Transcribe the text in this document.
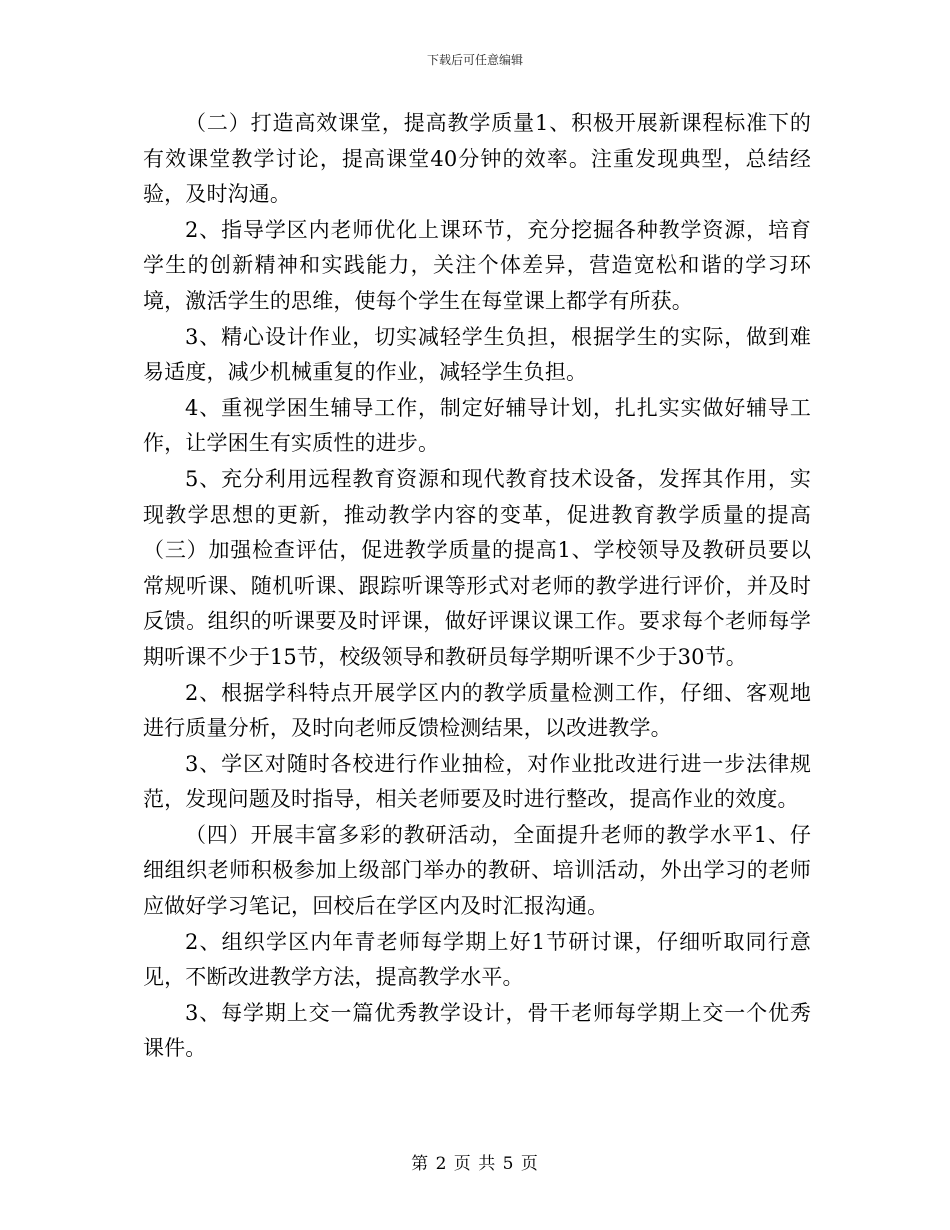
下载后可任意编辑

（二）打造高效课堂，提高教学质量1、积极开展新课程标准下的有效课堂教学讨论，提高课堂40分钟的效率。注重发现典型，总结经验，及时沟通。

2、指导学区内老师优化上课环节，充分挖掘各种教学资源，培育学生的创新精神和实践能力，关注个体差异，营造宽松和谐的学习环境，激活学生的思维，使每个学生在每堂课上都学有所获。

3、精心设计作业，切实减轻学生负担，根据学生的实际，做到难易适度，减少机械重复的作业，减轻学生负担。

4、重视学困生辅导工作，制定好辅导计划，扎扎实实做好辅导工作，让学困生有实质性的进步。

5、充分利用远程教育资源和现代教育技术设备，发挥其作用，实现教学思想的更新，推动教学内容的变革，促进教育教学质量的提高（三）加强检查评估，促进教学质量的提高1、学校领导及教研员要以常规听课、随机听课、跟踪听课等形式对老师的教学进行评价，并及时反馈。组织的听课要及时评课，做好评课议课工作。要求每个老师每学期听课不少于15节，校级领导和教研员每学期听课不少于30节。

2、根据学科特点开展学区内的教学质量检测工作，仔细、客观地进行质量分析，及时向老师反馈检测结果，以改进教学。

3、学区对随时各校进行作业抽检，对作业批改进行进一步法律规范，发现问题及时指导，相关老师要及时进行整改，提高作业的效度。

（四）开展丰富多彩的教研活动，全面提升老师的教学水平1、仔细组织老师积极参加上级部门举办的教研、培训活动，外出学习的老师应做好学习笔记，回校后在学区内及时汇报沟通。

2、组织学区内年青老师每学期上好1节研讨课，仔细听取同行意见，不断改进教学方法，提高教学水平。

3、每学期上交一篇优秀教学设计，骨干老师每学期上交一个优秀课件。

第 2 页 共 5 页
